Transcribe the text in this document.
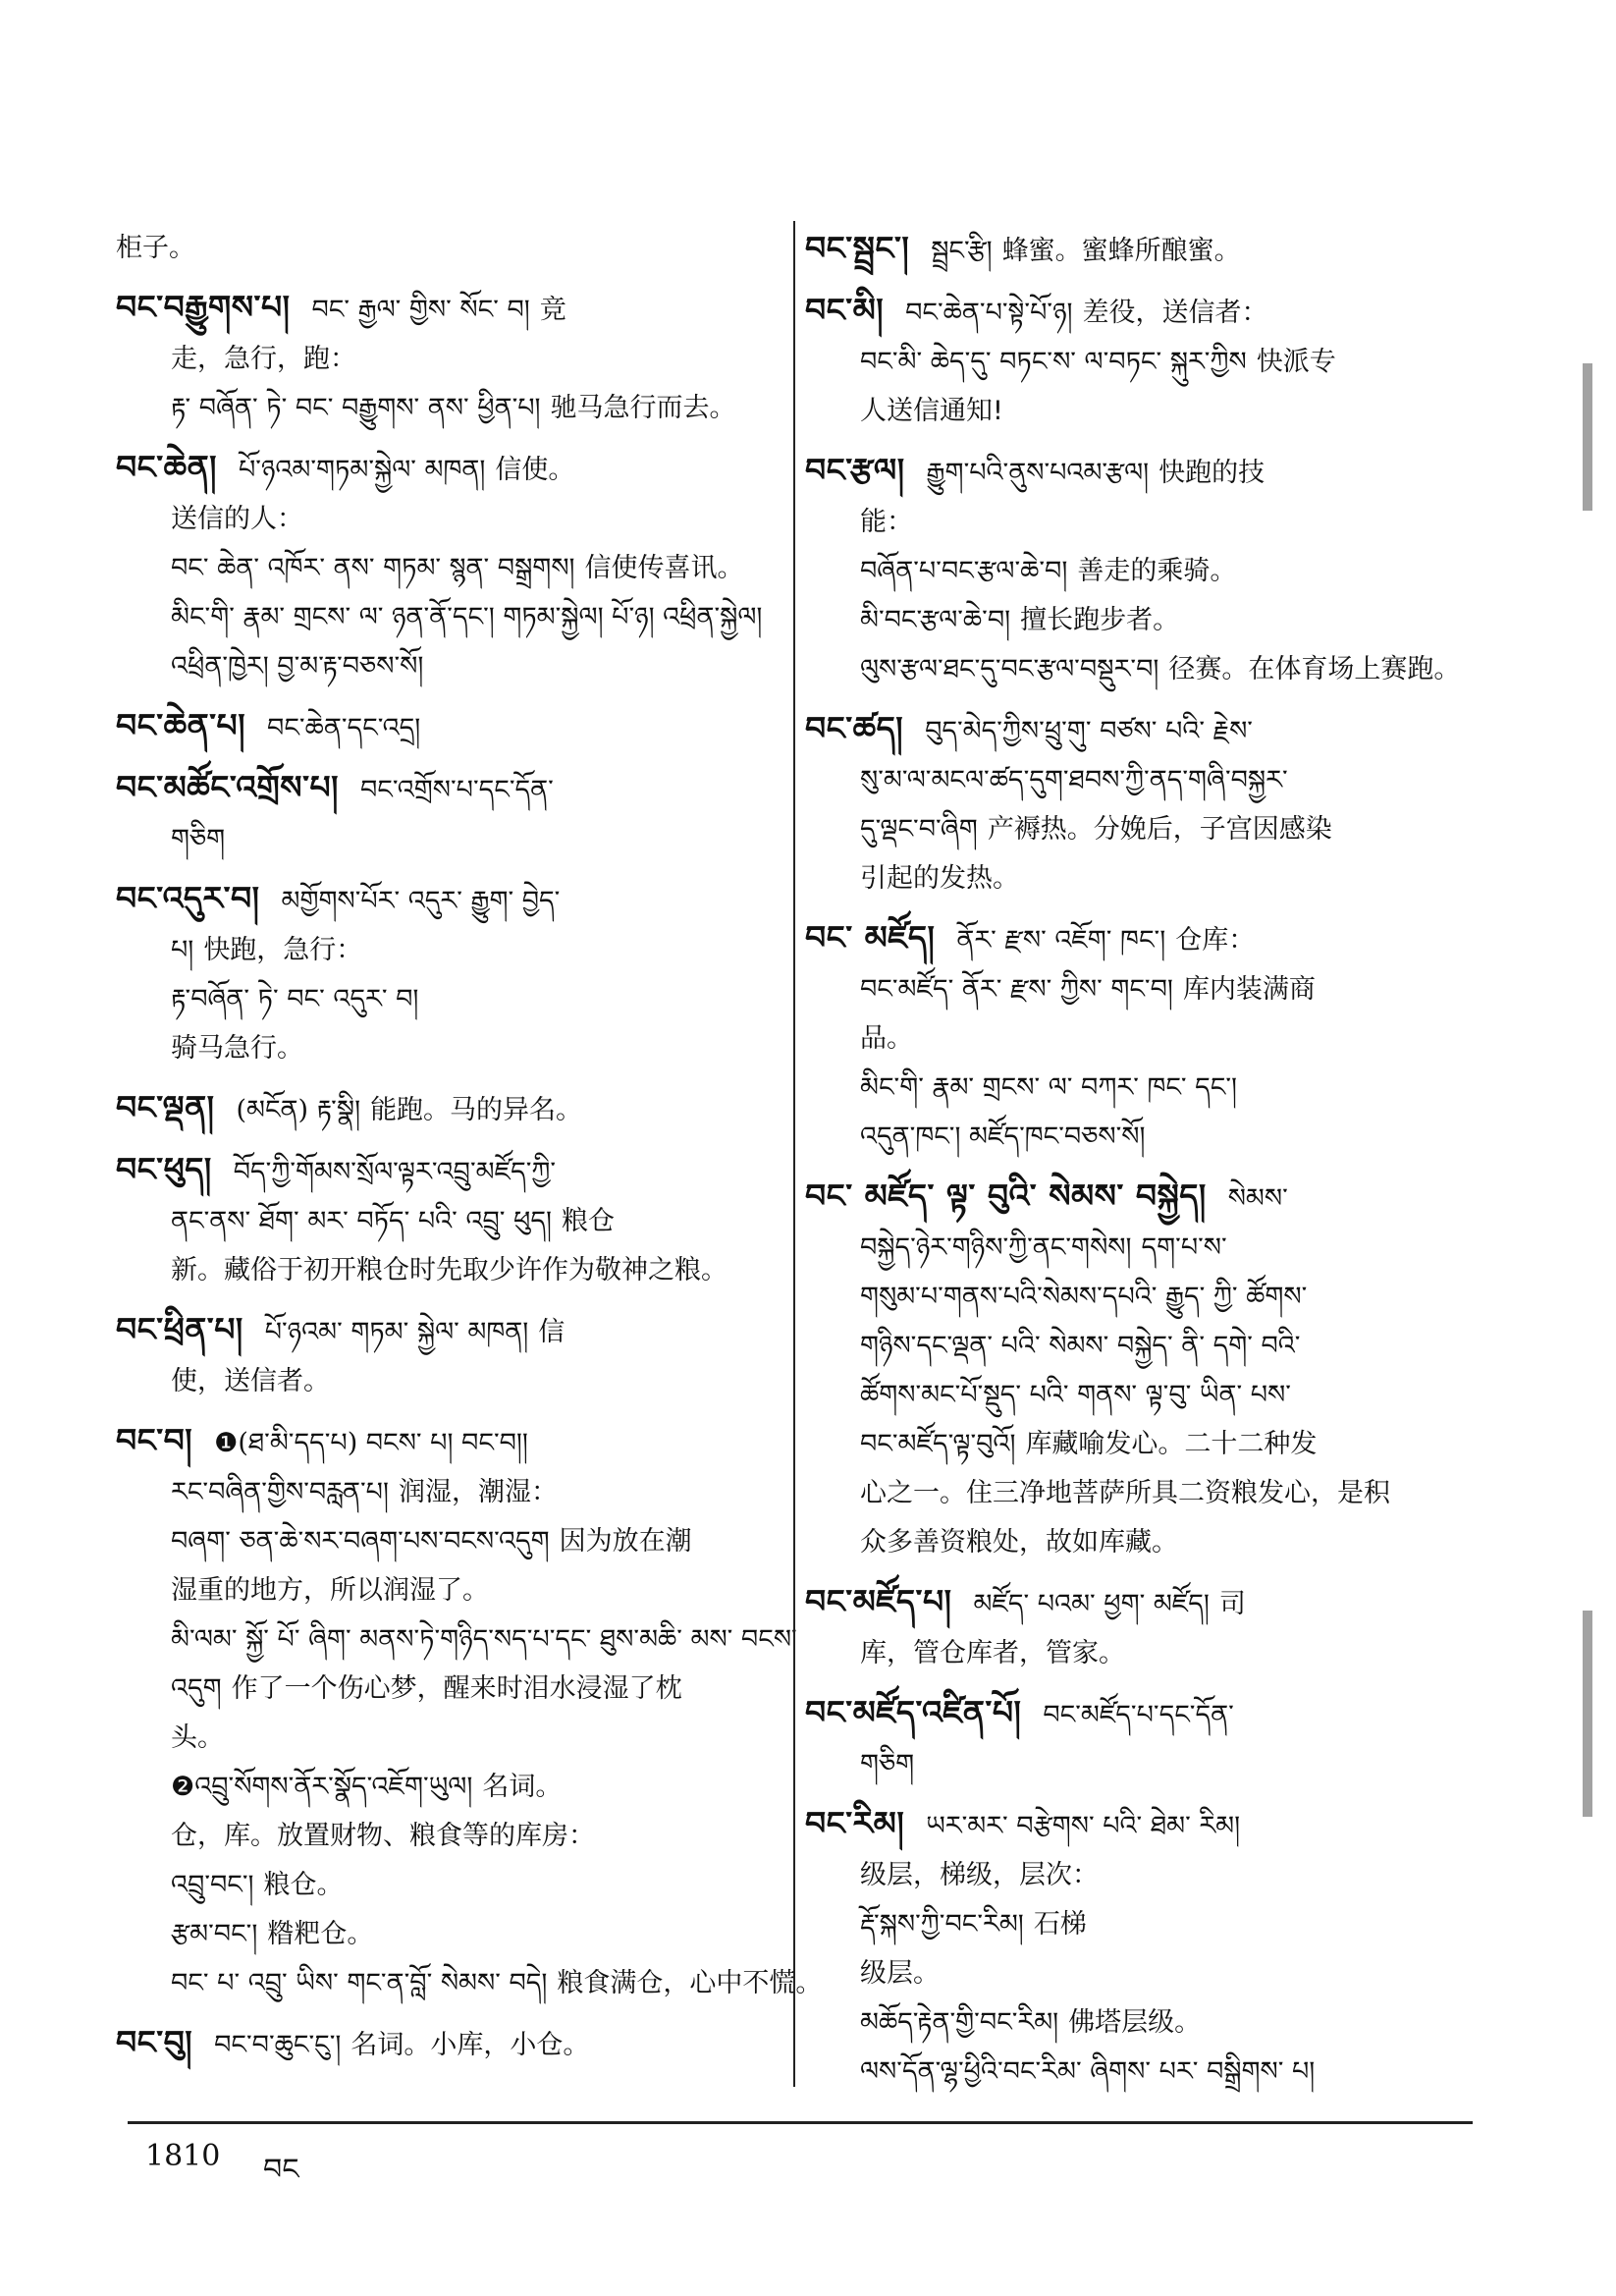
柜子。
བང་བརྒྱུགས་པ། བང་ རྒྱལ་ གྱིས་ སོང་ བ། 竞
走，急行，跑：
རྟ་ བཞོན་ ཏེ་ བང་ བརྒྱུགས་ ནས་ ཕྱིན་པ། 驰马急行而去。
བང་ཆེན། པོ་ཉའམ་གཏམ་སྐྱེལ་ མཁན། 信使。
送信的人：
བང་ ཆེན་ འཁོར་ ནས་ གཏམ་ སྙན་ བསྒྲགས། 信使传喜讯。
མིང་གི་ རྣམ་ གྲངས་ ལ་ ཉན་ནོ་དང་། གཏམ་སྐྱེལ། པོ་ཉ། འཕྲིན་སྐྱེལ།
འཕྲིན་ཁྱེར། བྱ་མ་རྟ་བཅས་སོ།
བང་ཆེན་པ། བང་ཆེན་དང་འདྲ།
བང་མཚོང་འགྲོས་པ། བང་འགྲོས་པ་དང་དོན་
གཅིག
བང་འདུར་བ། མགྱོགས་པོར་ འདུར་ རྒྱུག་ བྱེད་
པ། 快跑，急行：
རྟ་བཞོན་ ཏེ་ བང་ འདུར་ བ།
骑马急行。
བང་ལྡན། (མངོན) རྟ་སྣི། 能跑。马的异名。
བང་ཕུད། བོད་ཀྱི་གོམས་སྲོལ་ལྟར་འབྲུ་མཛོད་ཀྱི་
ནང་ནས་ ཐོག་ མར་ བཏོད་ པའི་ འབྲུ་ ཕུད། 粮仓
新。藏俗于初开粮仓时先取少许作为敬神之粮。
བང་ཕྲིན་པ། པོ་ཉའམ་ གཏམ་ སྐྱེལ་ མཁན། 信
使，送信者。
བང་བ། ❶(ཐ་མི་དད་པ) བངས་ པ། བང་བ།།
རང་བཞིན་གྱིས་བརླན་པ། 润湿，潮湿：
བཞག་ ཅན་ཆེ་སར་བཞག་པས་བངས་འདུག 因为放在潮
湿重的地方，所以润湿了。
མི་ལམ་ སྐྱོ་ པོ་ ཞིག་ མནས་ཏེ་གཉིད་སད་པ་དང་ ཐུས་མཆི་ མས་ བངས་
འདུག 作了一个伤心梦，醒来时泪水浸湿了枕
头。
❷འབྲུ་སོགས་ནོར་སྣོད་འཇོག་ཡུལ། 名词。
仓，库。放置财物、粮食等的库房：
འབྲུ་བང་། 粮仓。
རྩམ་བང་། 糌粑仓。
བང་ པ་ འབྲུ་ ཡིས་ གང་ན་བློ་ སེམས་ བདེ། 粮食满仓，心中不慌。
བང་བུ། བང་བ་ཆུང་ངུ་། 名词。小库，小仓。
བང་སྦྲང་། སྦྲང་རྩི། 蜂蜜。蜜蜂所酿蜜。
བང་མི། བང་ཆེན་པ་སྟེ་པོ་ཉ། 差役，送信者：
བང་མི་ ཆེད་དུ་ བཏང་ས་ ལ་བཏང་ སྐུར་ཀྱིས 快派专
人送信通知!
བང་རྩལ། རྒྱུག་པའི་ནུས་པའམ་རྩལ། 快跑的技
能：
བཞོན་པ་བང་རྩལ་ཆེ་བ། 善走的乘骑。
མི་བང་རྩལ་ཆེ་བ། 擅长跑步者。
ལུས་རྩལ་ཐང་དུ་བང་རྩལ་བསྡུར་བ། 径赛。在体育场上赛跑。
བང་ཚད། བུད་མེད་ཀྱིས་ཕྲུ་གུ་ བཙས་ པའི་ རྗེས་
སུ་མ་ལ་མངལ་ཚད་དུག་ཐབས་ཀྱི་ནད་གཞི་བསྐྱར་
དུ་ལྡང་བ་ཞིག 产褥热。分娩后，子宫因感染
引起的发热。
བང་ མཛོད། ནོར་ རྫས་ འཇོག་ ཁང་། 仓库：
བང་མཛོད་ ནོར་ རྫས་ ཀྱིས་ གང་བ། 库内装满商
品。
མིང་གི་ རྣམ་ གྲངས་ ལ་ བཀར་ ཁང་ དང་།
འདུན་ཁང་། མཛོད་ཁང་བཅས་སོ།
བང་ མཛོད་ ལྟ་ བུའི་ སེམས་ བསྐྱེད། སེམས་
བསྐྱེད་ཉེར་གཉིས་ཀྱི་ནང་གསེས། དག་པ་ས་
གསུམ་པ་གནས་པའི་སེམས་དཔའི་ རྒྱུད་ ཀྱི་ ཚོགས་
གཉིས་དང་ལྡན་ པའི་ སེམས་ བསྐྱེད་ ནི་ དགེ་ བའི་
ཚོགས་མང་པོ་སྡུད་ པའི་ གནས་ ལྟ་བུ་ ཡིན་ པས་
བང་མཛོད་ལྟ་བུའོ། 库藏喻发心。二十二种发
心之一。住三净地菩萨所具二资粮发心，是积
众多善资粮处，故如库藏。
བང་མཛོད་པ། མཛོད་ པའམ་ ཕྱག་ མཛོད། 司
库，管仓库者，管家。
བང་མཛོད་འཛིན་པོ། བང་མཛོད་པ་དང་དོན་
གཅིག
བང་རིམ། ཡར་མར་ བརྩེགས་ པའི་ ཐེམ་ རིམ།
级层，梯级，层次：
རྡོ་སྐས་ཀྱི་བང་རིམ། 石梯
级层。
མཆོད་རྟེན་གྱི་བང་རིམ། 佛塔层级。
ལས་དོན་ལྷ་ཕྱིའི་བང་རིམ་ ཞིགས་ པར་ བསྒྲིགས་ པ།
1810 བང
